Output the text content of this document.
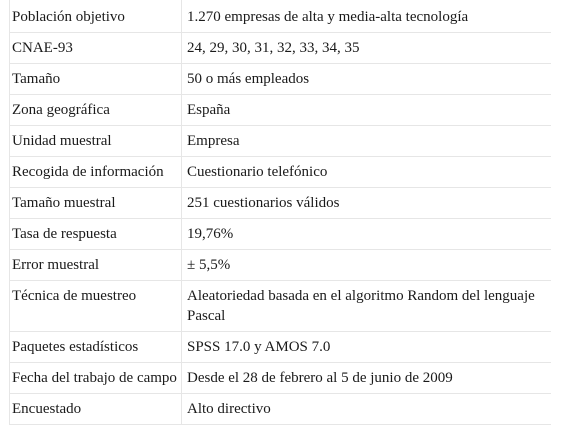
Población objetivo	1.270 empresas de alta y media-alta tecnología
CNAE-93	24, 29, 30, 31, 32, 33, 34, 35
Tamaño	50 o más empleados
Zona geográfica	España
Unidad muestral	Empresa
Recogida de información	Cuestionario telefónico
Tamaño muestral	251 cuestionarios válidos
Tasa de respuesta	19,76%
Error muestral	± 5,5%
Técnica de muestreo	Aleatoriedad basada en el algoritmo Random del lenguaje Pascal
Paquetes estadísticos	SPSS 17.0 y AMOS 7.0
Fecha del trabajo de campo	Desde el 28 de febrero al 5 de junio de 2009
Encuestado	Alto directivo
